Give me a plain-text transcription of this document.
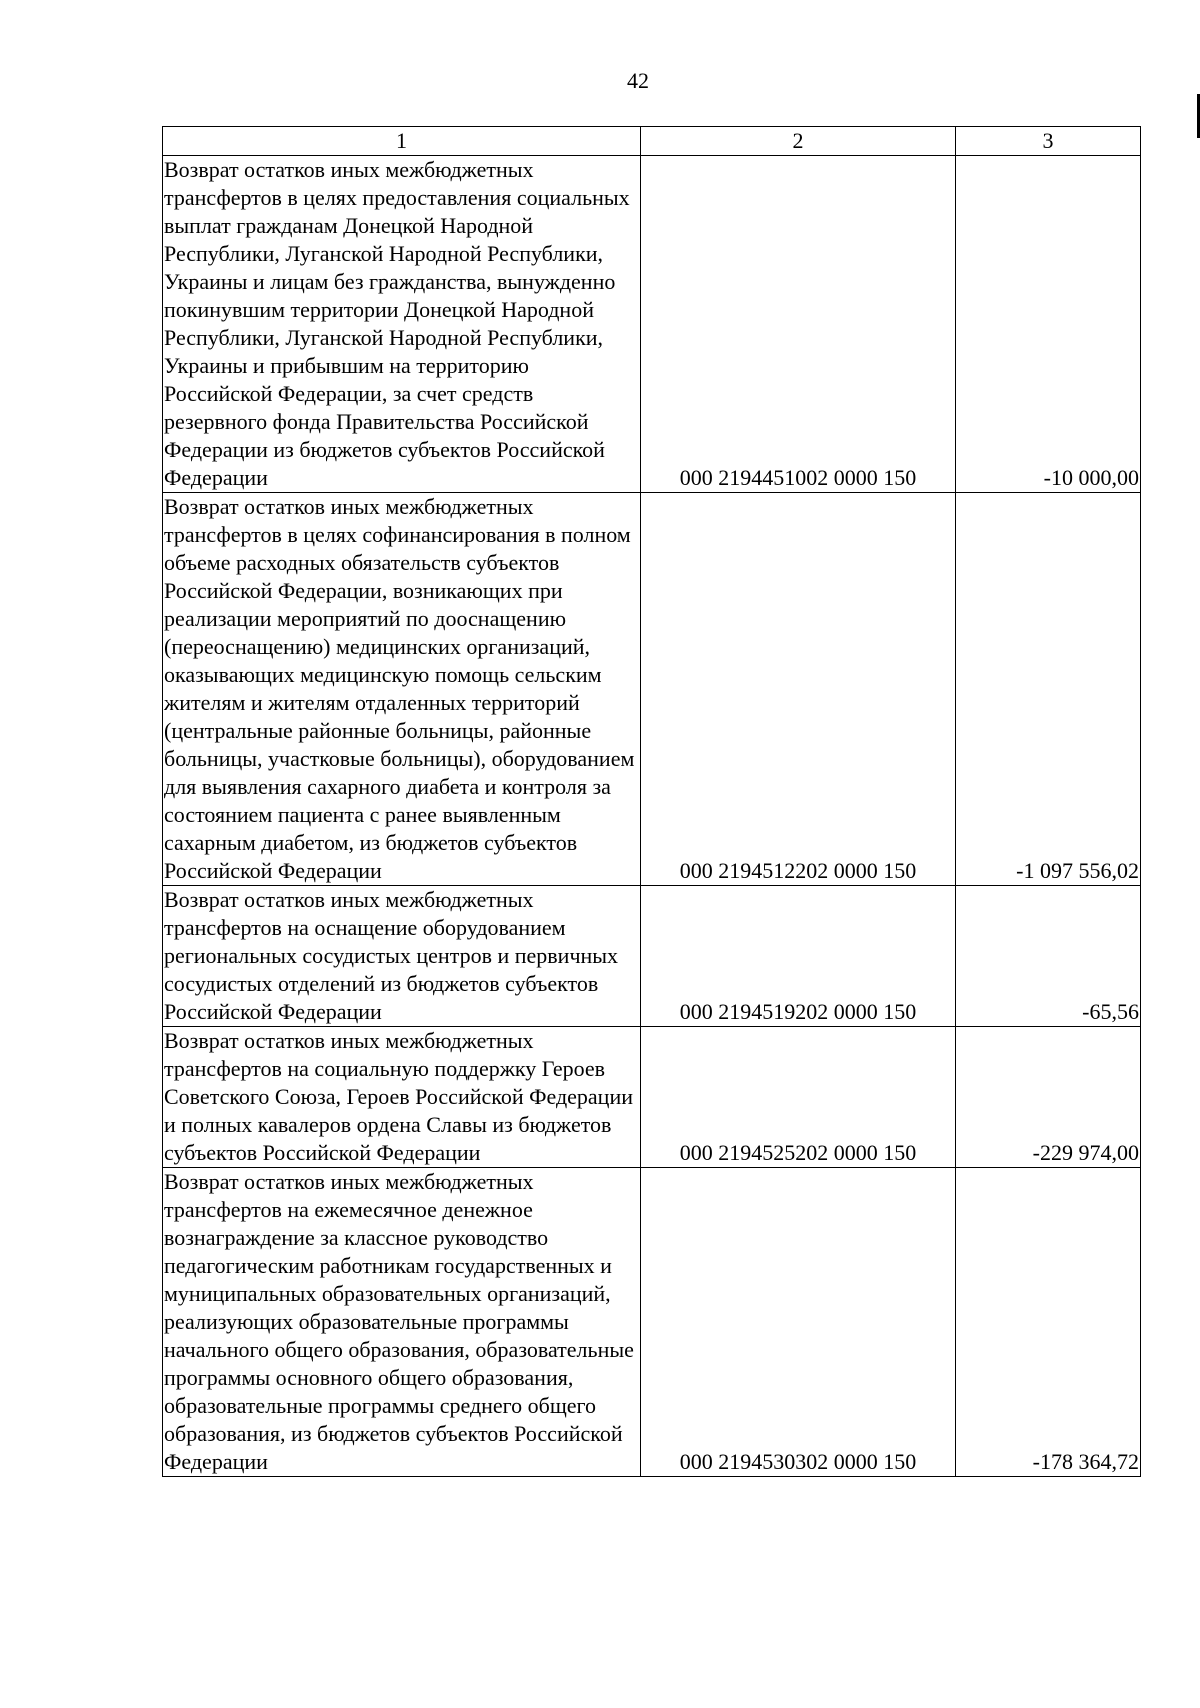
42
1	2	3
Возврат остатков иных межбюджетных трансфертов в целях предоставления социальных выплат гражданам Донецкой Народной Республики, Луганской Народной Республики, Украины и лицам без гражданства, вынужденно покинувшим территории Донецкой Народной Республики, Луганской Народной Республики, Украины и прибывшим на территорию Российской Федерации, за счет средств резервного фонда Правительства Российской Федерации из бюджетов субъектов Российской Федерации	000 2194451002 0000 150	-10 000,00
Возврат остатков иных межбюджетных трансфертов в целях софинансирования в полном объеме расходных обязательств субъектов Российской Федерации, возникающих при реализации мероприятий по дооснащению (переоснащению) медицинских организаций, оказывающих медицинскую помощь сельским жителям и жителям отдаленных территорий (центральные районные больницы, районные больницы, участковые больницы), оборудованием для выявления сахарного диабета и контроля за состоянием пациента с ранее выявленным сахарным диабетом, из бюджетов субъектов Российской Федерации	000 2194512202 0000 150	-1 097 556,02
Возврат остатков иных межбюджетных трансфертов на оснащение оборудованием региональных сосудистых центров и первичных сосудистых отделений из бюджетов субъектов Российской Федерации	000 2194519202 0000 150	-65,56
Возврат остатков иных межбюджетных трансфертов на социальную поддержку Героев Советского Союза, Героев Российской Федерации и полных кавалеров ордена Славы из бюджетов субъектов Российской Федерации	000 2194525202 0000 150	-229 974,00
Возврат остатков иных межбюджетных трансфертов на ежемесячное денежное вознаграждение за классное руководство педагогическим работникам государственных и муниципальных образовательных организаций, реализующих образовательные программы начального общего образования, образовательные программы основного общего образования, образовательные программы среднего общего образования, из бюджетов субъектов Российской Федерации	000 2194530302 0000 150	-178 364,72
